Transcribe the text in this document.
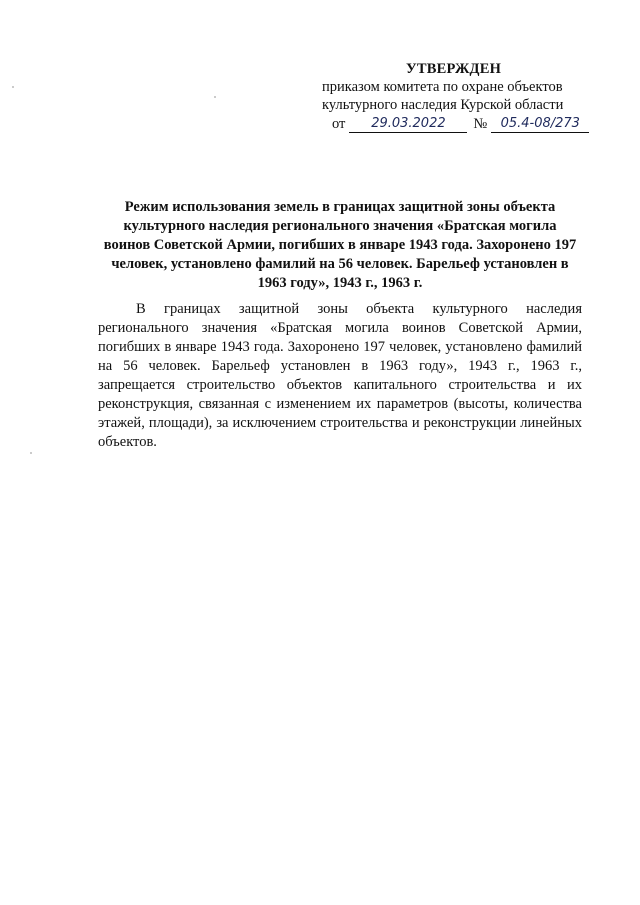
УТВЕРЖДЕН
приказом комитета по охране объектов
культурного наследия Курской области
от	29.03.2022	№	05.4-08/273
Режим использования земель в границах защитной зоны объекта культурного наследия регионального значения «Братская могила воинов Советской Армии, погибших в январе 1943 года. Захоронено 197 человек, установлено фамилий на 56 человек. Барельеф установлен в 1963 году», 1943 г., 1963 г.
В границах защитной зоны объекта культурного наследия регионального значения «Братская могила воинов Советской Армии, погибших в январе 1943 года. Захоронено 197 человек, установлено фамилий на 56 человек. Барельеф установлен в 1963 году», 1943 г., 1963 г., запрещается строительство объектов капитального строительства и их реконструкция, связанная с изменением их параметров (высоты, количества этажей, площади), за исключением строительства и реконструкции линейных объектов.
